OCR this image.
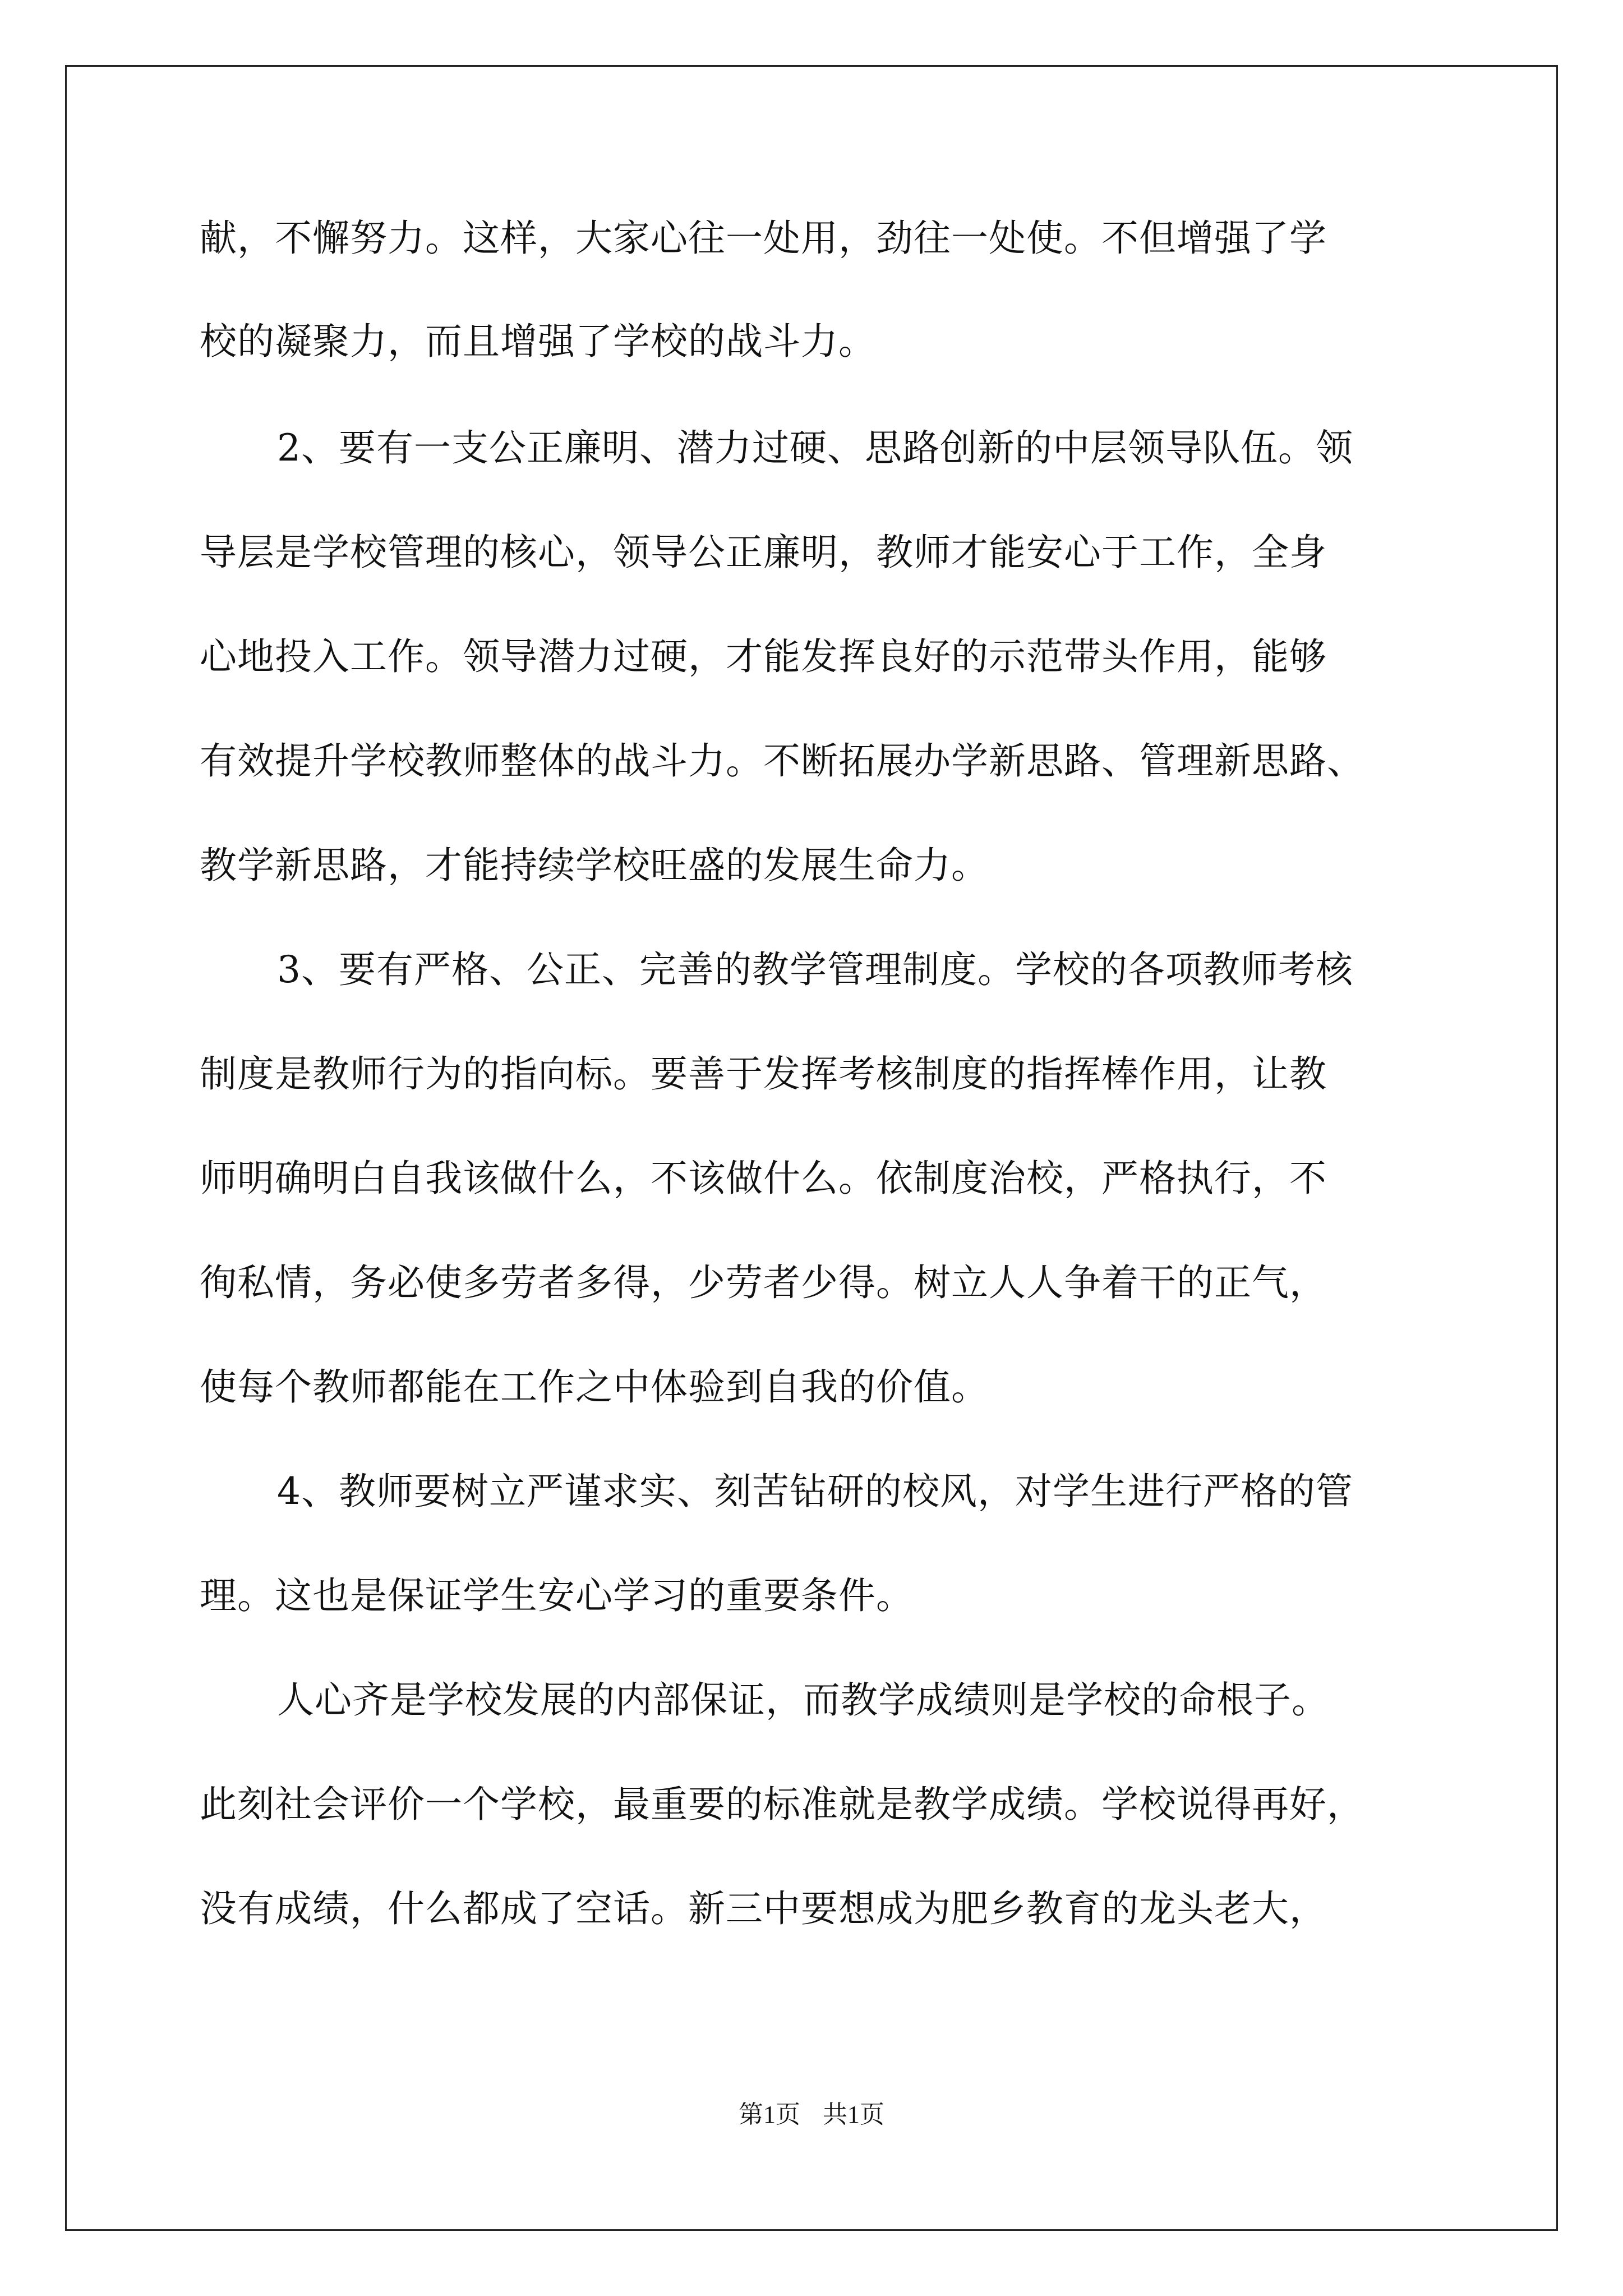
献，不懈努力。这样，大家心往一处用，劲往一处使。不但增强了学
校的凝聚力，而且增强了学校的战斗力。
2、要有一支公正廉明、潜力过硬、思路创新的中层领导队伍。领
导层是学校管理的核心，领导公正廉明，教师才能安心于工作，全身
心地投入工作。领导潜力过硬，才能发挥良好的示范带头作用，能够
有效提升学校教师整体的战斗力。不断拓展办学新思路、管理新思路、
教学新思路，才能持续学校旺盛的发展生命力。
3、要有严格、公正、完善的教学管理制度。学校的各项教师考核
制度是教师行为的指向标。要善于发挥考核制度的指挥棒作用，让教
师明确明白自我该做什么，不该做什么。依制度治校，严格执行，不
徇私情，务必使多劳者多得，少劳者少得。树立人人争着干的正气，
使每个教师都能在工作之中体验到自我的价值。
4、教师要树立严谨求实、刻苦钻研的校风，对学生进行严格的管
理。这也是保证学生安心学习的重要条件。
人心齐是学校发展的内部保证，而教学成绩则是学校的命根子。
此刻社会评价一个学校，最重要的标准就是教学成绩。学校说得再好，
没有成绩，什么都成了空话。新三中要想成为肥乡教育的龙头老大，
第1页 共1页
